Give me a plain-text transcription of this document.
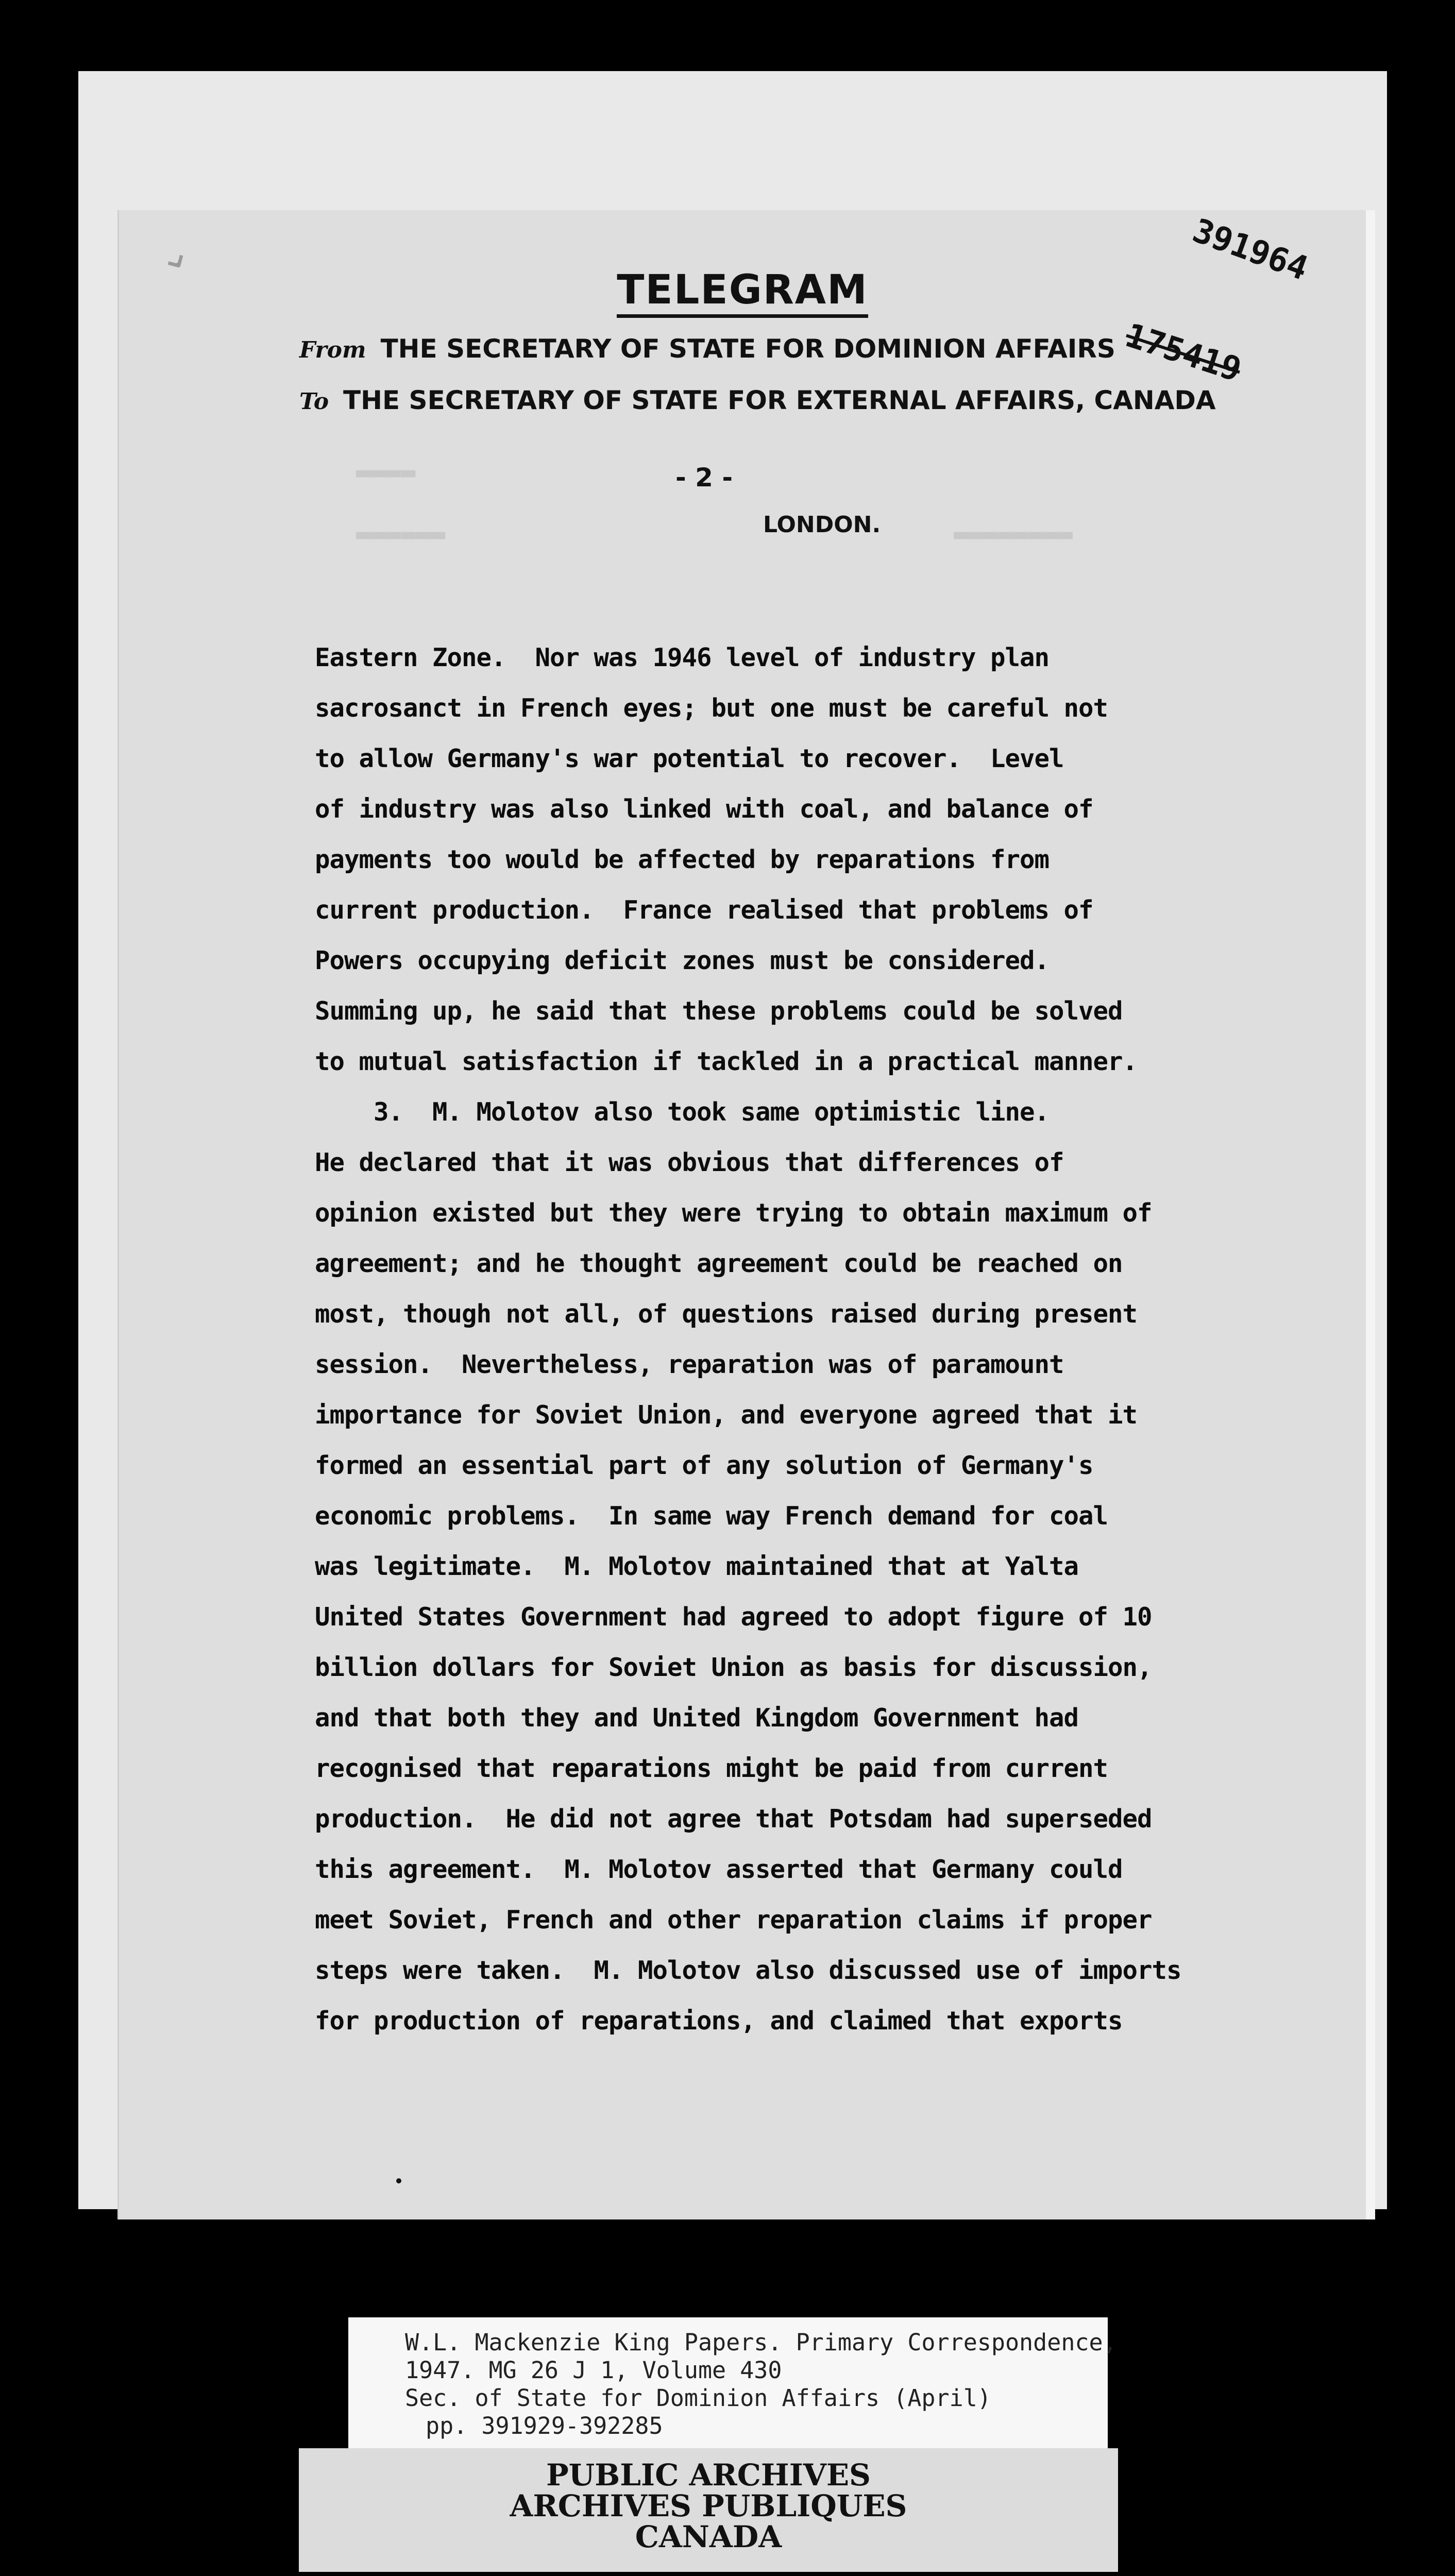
⌄
TELEGRAM
391964
175419
From THE SECRETARY OF STATE FOR DOMINION AFFAIRS
To THE SECRETARY OF STATE FOR EXTERNAL AFFAIRS, CANADA
▬▬▬▬
▬▬▬▬▬▬	▬▬▬▬▬▬▬▬
- 2 -
LONDON.
Eastern Zone.  Nor was 1946 level of industry plan
sacrosanct in French eyes; but one must be careful not
to allow Germany's war potential to recover.  Level
of industry was also linked with coal, and balance of
payments too would be affected by reparations from
current production.  France realised that problems of
Powers occupying deficit zones must be considered.
Summing up, he said that these problems could be solved
to mutual satisfaction if tackled in a practical manner.
3.  M. Molotov also took same optimistic line.
He declared that it was obvious that differences of
opinion existed but they were trying to obtain maximum of
agreement; and he thought agreement could be reached on
most, though not all, of questions raised during present
session.  Nevertheless, reparation was of paramount
importance for Soviet Union, and everyone agreed that it
formed an essential part of any solution of Germany's
economic problems.  In same way French demand for coal
was legitimate.  M. Molotov maintained that at Yalta
United States Government had agreed to adopt figure of 10
billion dollars for Soviet Union as basis for discussion,
and that both they and United Kingdom Government had
recognised that reparations might be paid from current
production.  He did not agree that Potsdam had superseded
this agreement.  M. Molotov asserted that Germany could
meet Soviet, French and other reparation claims if proper
steps were taken.  M. Molotov also discussed use of imports
for production of reparations, and claimed that exports
W.L. Mackenzie King Papers. Primary Correspondence,
1947. MG 26 J 1, Volume 430
Sec. of State for Dominion Affairs (April)
pp. 391929-392285
PUBLIC ARCHIVES
ARCHIVES PUBLIQUES
CANADA
